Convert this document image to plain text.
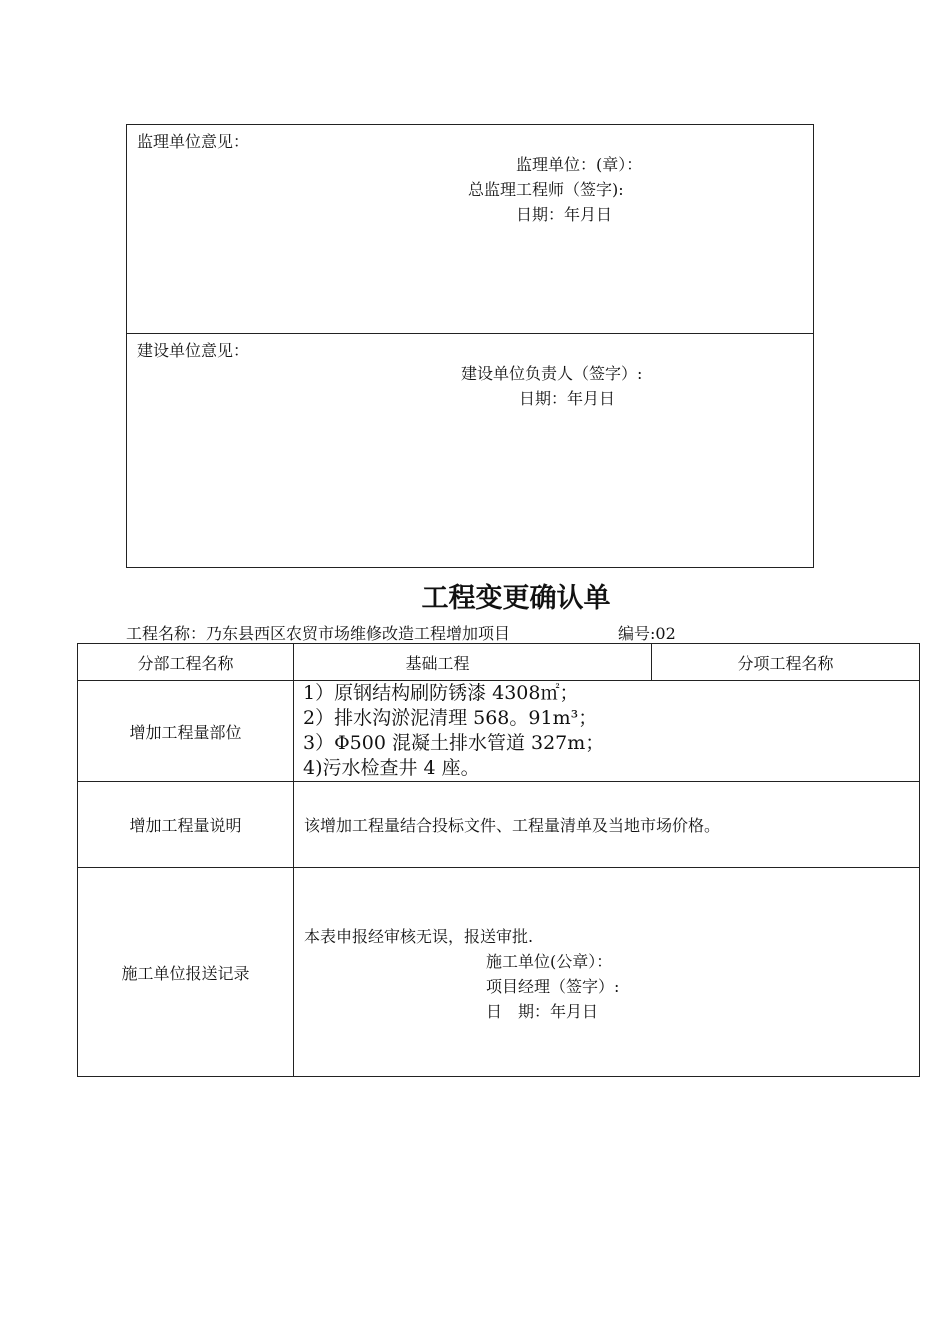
监理单位意见：
监理单位：(章）：
总监理工程师（签字):
日期：年月日
建设单位意见：
建设单位负责人（签字）:
日期：年月日
工程变更确认单
工程名称：乃东县西区农贸市场维修改造工程增加项目	编号:02
分部工程名称	基础工程	分项工程名称
增加工程量部位	1）原钢结构刷防锈漆 4308㎡；
2）排水沟淤泥清理 568。91m³；
3）Φ500 混凝土排水管道 327m；
4)污水检查井 4 座。	

增加工程量说明	该增加工程量结合投标文件、工程量清单及当地市场价格。	

施工单位报送记录	本表申报经审核无误，报送审批.
施工单位(公章）：
项目经理（签字）:
日　期：年月日	
